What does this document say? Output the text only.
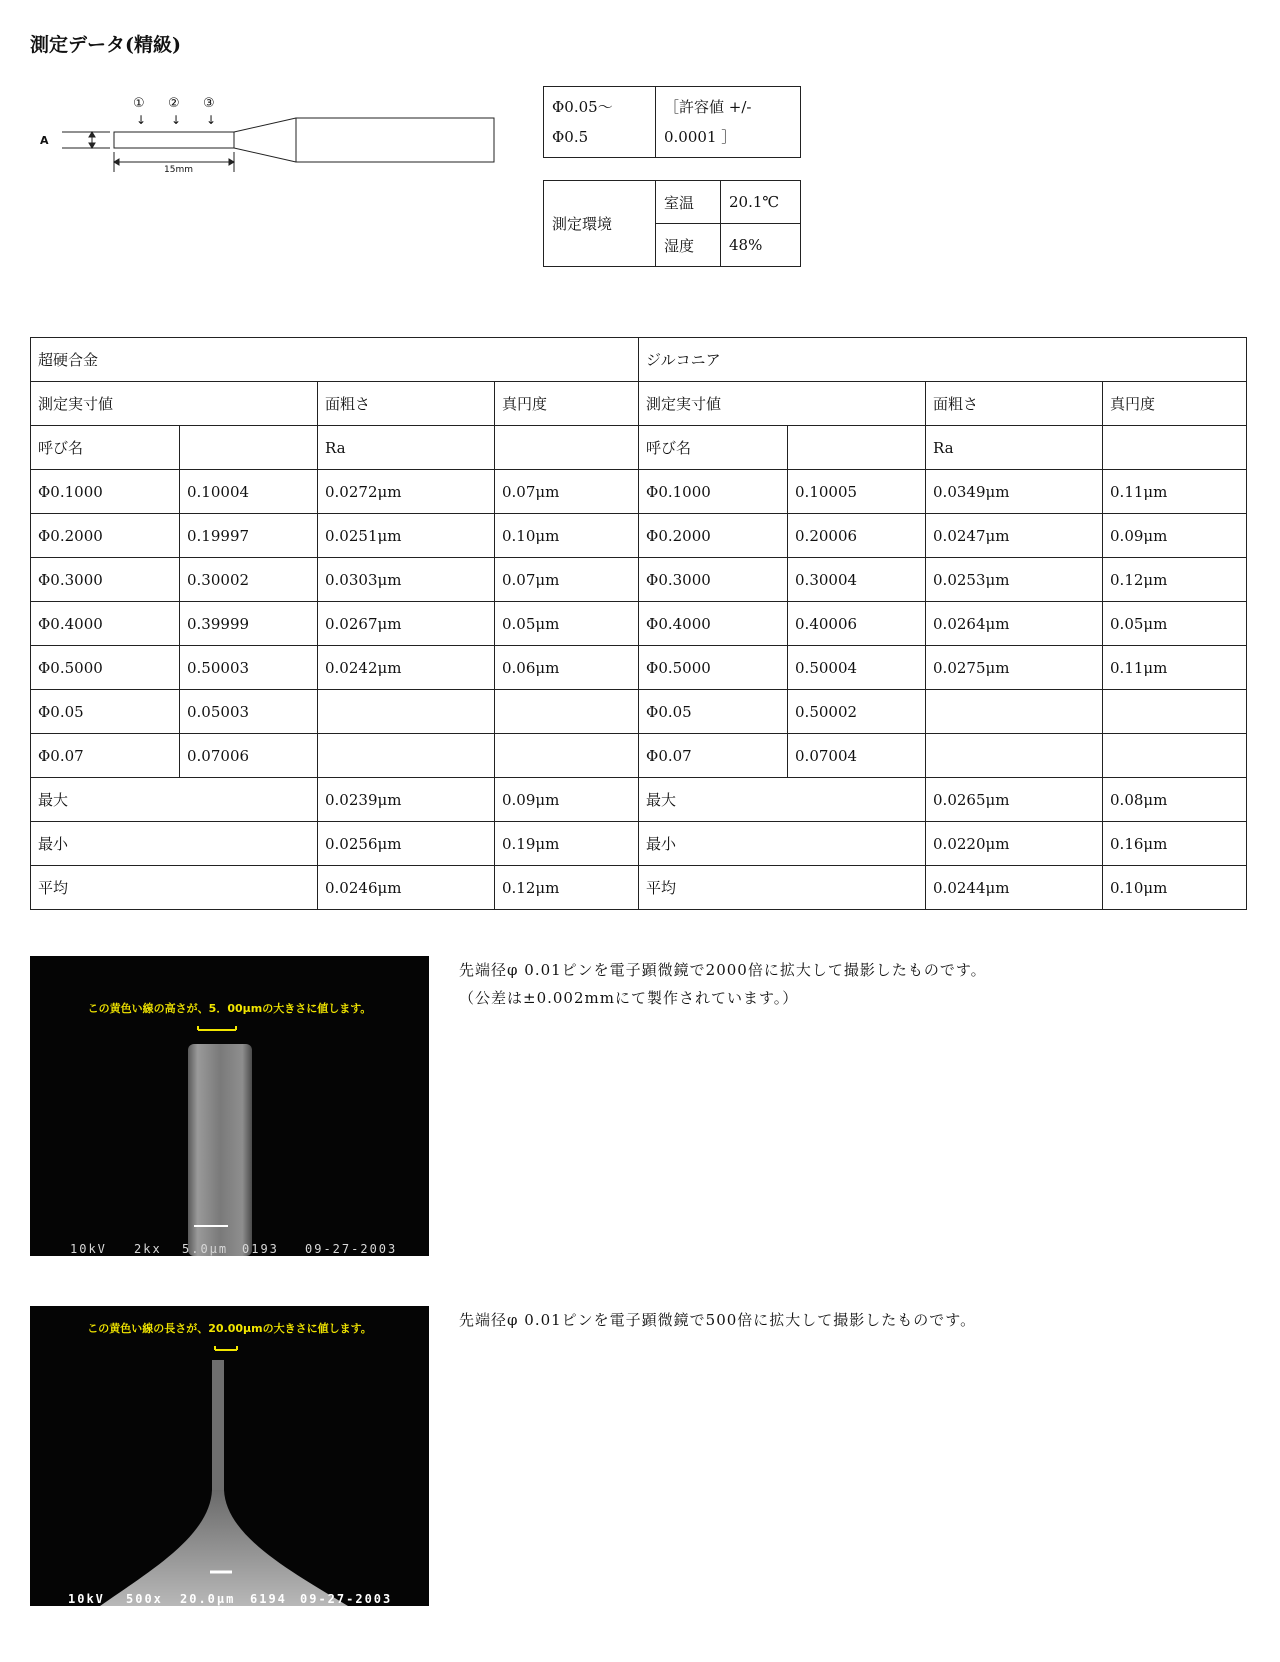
測定データ(精級)
① ② ③
↓ ↓ ↓
A
15mm
Φ0.05～
Φ0.5

［許容値 +/-
0.0001 ］
測定環境	室温	20.1℃
	湿度	48%
超硬合金				ジルコニア			
測定実寸値		面粗さ	真円度	測定実寸値		面粗さ	真円度
呼び名		Ra		呼び名		Ra	
Φ0.1000	0.10004	0.0272μm	0.07μm	Φ0.1000	0.10005	0.0349μm	0.11μm
Φ0.2000	0.19997	0.0251μm	0.10μm	Φ0.2000	0.20006	0.0247μm	0.09μm
Φ0.3000	0.30002	0.0303μm	0.07μm	Φ0.3000	0.30004	0.0253μm	0.12μm
Φ0.4000	0.39999	0.0267μm	0.05μm	Φ0.4000	0.40006	0.0264μm	0.05μm
Φ0.5000	0.50003	0.0242μm	0.06μm	Φ0.5000	0.50004	0.0275μm	0.11μm
Φ0.05	0.05003			Φ0.05	0.50002		
Φ0.07	0.07006			Φ0.07	0.07004		
最大		0.0239μm	0.09μm	最大		0.0265μm	0.08μm
最小		0.0256μm	0.19μm	最小		0.0220μm	0.16μm
平均		0.0246μm	0.12μm	平均		0.0244μm	0.10μm
この黄色い線の高さが、5．00μmの大きさに値します。
10kV 2kx 5.0μm 0193 09-27-2003
先端径φ 0.01ピンを電子顕微鏡で2000倍に拡大して撮影したものです。
（公差は±0.002mmにて製作されています。）
この黄色い線の長さが、20.00μmの大きさに値します。
10kV 500x 20.0μm 6194 09-27-2003
先端径φ 0.01ピンを電子顕微鏡で500倍に拡大して撮影したものです。
